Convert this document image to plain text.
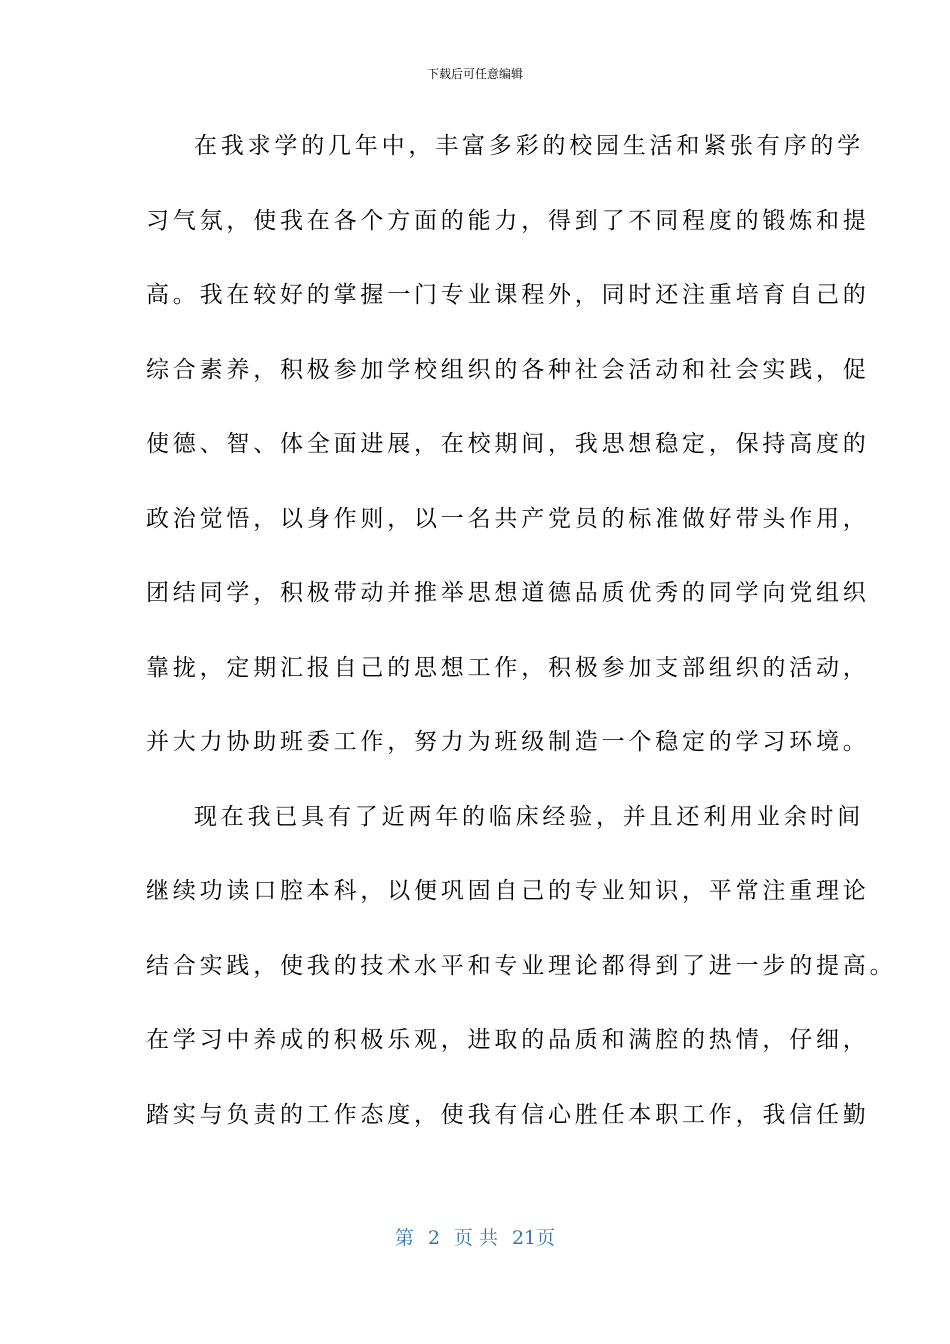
下载后可任意编辑
在我求学的几年中，丰富多彩的校园生活和紧张有序的学
习气氛，使我在各个方面的能力，得到了不同程度的锻炼和提
高。我在较好的掌握一门专业课程外，同时还注重培育自己的
综合素养，积极参加学校组织的各种社会活动和社会实践，促
使德、智、体全面进展，在校期间，我思想稳定，保持高度的
政治觉悟，以身作则，以一名共产党员的标准做好带头作用，
团结同学，积极带动并推举思想道德品质优秀的同学向党组织
靠拢，定期汇报自己的思想工作，积极参加支部组织的活动，
并大力协助班委工作，努力为班级制造一个稳定的学习环境。
现在我已具有了近两年的临床经验，并且还利用业余时间
继续功读口腔本科，以便巩固自己的专业知识，平常注重理论
结合实践，使我的技术水平和专业理论都得到了进一步的提高。
在学习中养成的积极乐观，进取的品质和满腔的热情，仔细，
踏实与负责的工作态度，使我有信心胜任本职工作，我信任勤
第 2 页 共 21页
